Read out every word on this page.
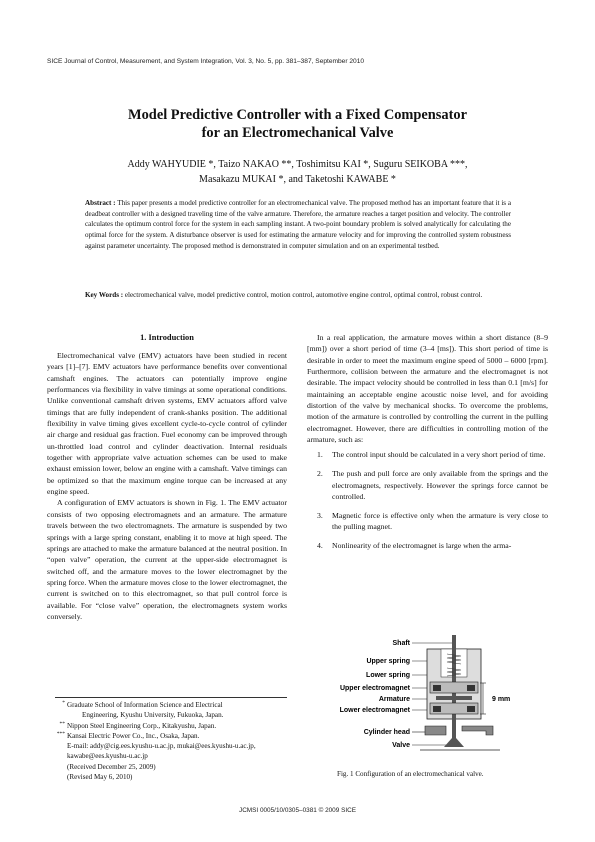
SICE Journal of Control, Measurement, and System Integration, Vol. 3, No. 5, pp. 381–387, September 2010
Model Predictive Controller with a Fixed Compensator
for an Electromechanical Valve
Addy WAHYUDIE *, Taizo NAKAO **, Toshimitsu KAI *, Suguru SEIKOBA ***,
Masakazu MUKAI *, and Taketoshi KAWABE *
Abstract : This paper presents a model predictive controller for an electromechanical valve. The proposed method has an important feature that it is a deadbeat controller with a designed traveling time of the valve armature. Therefore, the armature reaches a target position and velocity. The controller calculates the optimum control force for the system in each sampling instant. A two-point boundary problem is solved analytically for calculating the optimal force for the system. A disturbance observer is used for estimating the armature velocity and for improving the controlled system robustness against parameter uncertainty. The proposed method is demonstrated in computer simulation and on an experimental testbed.
Key Words : electromechanical valve, model predictive control, motion control, automotive engine control, optimal control, robust control.
1. Introduction

Electromechanical valve (EMV) actuators have been studied in recent years [1]–[7]. EMV actuators have performance benefits over conventional camshaft engines. The actuators can potentially improve engine performances via flexibility in valve timings at some operational conditions. Unlike conventional camshaft driven systems, EMV actuators afford valve timings that are fully independent of crank-shanks position. The additional flexibility in valve timing gives excellent cycle-to-cycle control of cylinder air charge and residual gas fraction. Fuel economy can be improved through un-throttled load control and cylinder deactivation. Internal residuals together with appropriate valve actuation schemes can be used to make exhaust emission lower, below an engine with a camshaft. Valve timings can be optimized so that the maximum engine torque can be increased at any engine speed.

A configuration of EMV actuators is shown in Fig. 1. The EMV actuator consists of two opposing electromagnets and an armature. The armature travels between the two electromagnets. The armature is suspended by two springs with a large spring constant, enabling it to move at high speed. The springs are attached to make the armature balanced at the neutral position. In “open valve” operation, the current at the upper-side electromagnet is switched off, and the armature moves to the lower electromagnet by the spring force. When the armature moves close to the lower electromagnet, the current is switched on to this electromagnet, so that pull control force is available. For “close valve” operation, the electromagnets system works conversely.

* Graduate School of Information Science and Electrical
Engineering, Kyushu University, Fukuoka, Japan.
** Nippon Steel Engineering Corp., Kitakyushu, Japan.
*** Kansai Electric Power Co., Inc., Osaka, Japan.
E-mail: addy@cig.ees.kyushu-u.ac.jp, mukai@ees.kyushu-u.ac.jp, kawabe@ees.kyushu-u.ac.jp
(Received December 25, 2009)
(Revised May 6, 2010)

In a real application, the armature moves within a short distance (8–9 [mm]) over a short period of time (3–4 [ms]). This short period of time is desirable in order to meet the maximum engine speed of 5000 – 6000 [rpm]. Furthermore, collision between the armature and the electromagnet is not desirable. The impact velocity should be controlled in less than 0.1 [m/s] for maintaining an acceptable engine acoustic noise level, and for avoiding distortion of the valve by mechanical shocks. To overcome the problems, motion of the armature is controlled by controlling the current in the pulling electromagnet. However, there are difficulties in controlling motion of the armature, such as:

1. The control input should be calculated in a very short period of time.
2. The push and pull force are only available from the springs and the electromagnets, respectively. However the springs force cannot be controlled.
3. Magnetic force is effective only when the armature is very close to the pulling magnet.
4. Nonlinearity of the electromagnet is large when the arma-
Shaft
Upper spring
Lower spring
Upper electromagnet
Armature
Lower electromagnet
Cylinder head
Valve
9 mm
Fig. 1 Configuration of an electromechanical valve.
JCMSI 0005/10/0305–0381 © 2009 SICE
